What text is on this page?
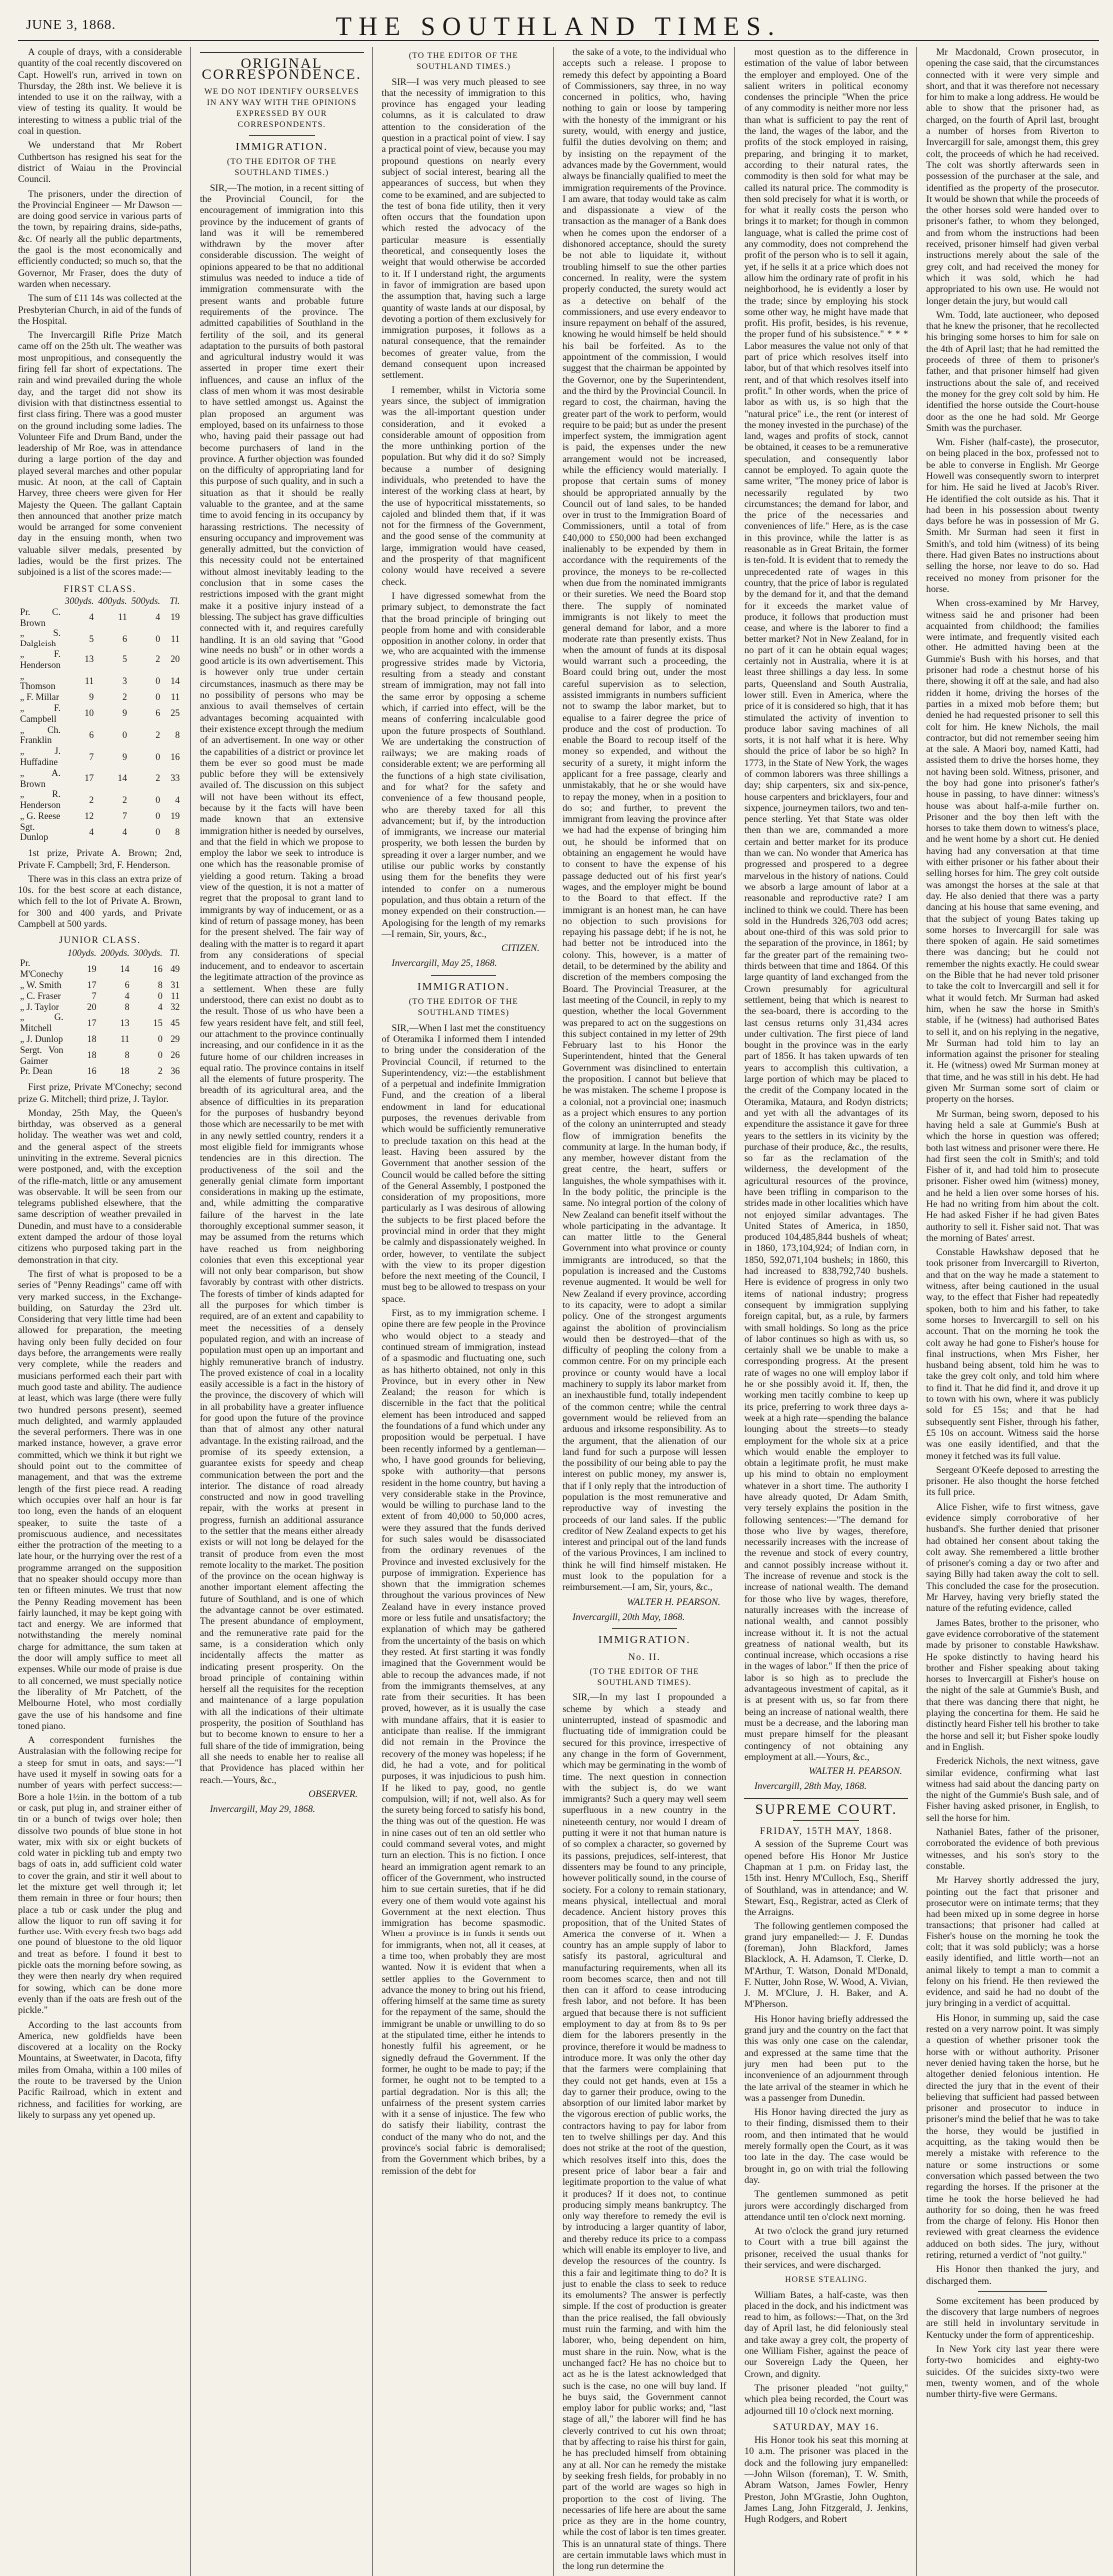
JUNE 3, 1868.	THE SOUTHLAND TIMES.

A couple of drays, with a considerable quantity of the coal recently discovered on Capt. Howell's run, arrived in town on Thursday, the 28th inst. We believe it is intended to use it on the railway, with a view of testing its quality. It would be interesting to witness a public trial of the coal in question.

We understand that Mr Robert Cuthbertson has resigned his seat for the district of Waiau in the Provincial Council.

The prisoners, under the direction of the Provincial Engineer — Mr Dawson — are doing good service in various parts of the town, by repairing drains, side-paths, &c. Of nearly all the public departments, the gaol is the most economically and efficiently conducted; so much so, that the Governor, Mr Fraser, does the duty of warden when necessary.

The sum of £11 14s was collected at the Presbyterian Church, in aid of the funds of the Hospital.

The Invercargill Rifle Prize Match came off on the 25th ult. The weather was most unpropitious, and consequently the firing fell far short of expectations. The rain and wind prevailed during the whole day, and the target did not show its division with that distinctness essential to first class firing. There was a good muster on the ground including some ladies. The Volunteer Fife and Drum Band, under the leadership of Mr Roe, was in attendance during a large portion of the day and played several marches and other popular music. At noon, at the call of Captain Harvey, three cheers were given for Her Majesty the Queen. The gallant Captain then announced that another prize match would be arranged for some convenient day in the ensuing month, when two valuable silver medals, presented by ladies, would be the first prizes. The subjoined is a list of the scores made:—

FIRST CLASS.
	300yds.	400yds.	500yds.	Tl.
Pr. C. Brown	4	11	4	19
„ S. Dalgleish	5	6	0	11
„ F. Henderson	13	5	2	20
„ Thomson	11	3	0	14
„ F. Millar	9	2	0	11
„ F. Campbell	10	9	6	25
„ Ch. Franklin	6	0	2	8
„ J. Huffadine	7	9	0	16
„ A. Brown	17	14	2	33
„ R. Henderson	2	2	0	4
„ G. Reese	12	7	0	19
Sgt. Dunlop	4	4	0	8

1st prize, Private A. Brown; 2nd, Private F. Campbell; 3rd, F. Henderson.

There was in this class an extra prize of 10s. for the best score at each distance, which fell to the lot of Private A. Brown, for 300 and 400 yards, and Private Campbell at 500 yards.

JUNIOR CLASS.
	100yds.	200yds.	300yds.	Tl.
Pr. M'Conechy	19	14	16	49
„ W. Smith	17	6	8	31
„ C. Fraser	7	4	0	11
„ J. Taylor	20	8	4	32
„ G. Mitchell	17	13	15	45
„ J. Dunlop	18	11	0	29
Sergt. Von Gaimer	18	8	0	26
Pr. Dean	16	18	2	36

First prize, Private M'Conechy; second prize G. Mitchell; third prize, J. Taylor.

Monday, 25th May, the Queen's birthday, was observed as a general holiday. The weather was wet and cold, and the general aspect of the streets uninviting in the extreme. Several picnics were postponed, and, with the exception of the rifle-match, little or any amusement was observable. It will be seen from our telegrams published elsewhere, that the same description of weather prevailed in Dunedin, and must have to a considerable extent damped the ardour of those loyal citizens who purposed taking part in the demonstration in that city.

The first of what is proposed to be a series of "Penny Readings" came off with very marked success, in the Exchange-building, on Saturday the 23rd ult. Considering that very little time had been allowed for preparation, the meeting having only been fully decided on four days before, the arrangements were really very complete, while the readers and musicians performed each their part with much good taste and ability. The audience at least, which was large (there were fully two hundred persons present), seemed much delighted, and warmly applauded the several performers. There was in one marked instance, however, a grave error committed, which we think it but right we should point out to the committee of management, and that was the extreme length of the first piece read. A reading which occupies over half an hour is far too long, even the hands of an eloquent speaker, to suite the taste of a promiscuous audience, and necessitates either the protraction of the meeting to a late hour, or the hurrying over the rest of a programme arranged on the supposition that no speaker should occupy more than ten or fifteen minutes. We trust that now the Penny Reading movement has been fairly launched, it may be kept going with tact and energy. We are informed that notwithstanding the merely nominal charge for admittance, the sum taken at the door will amply suffice to meet all expenses. While our mode of praise is due to all concerned, we must specially notice the liberality of Mr Patchett, of the Melbourne Hotel, who most cordially gave the use of his handsome and fine toned piano.

A correspondent furnishes the Australasian with the following recipe for a steep for smut in oats, and says:—"I have used it myself in sowing oats for a number of years with perfect success:—Bore a hole 1½in. in the bottom of a tub or cask, put plug in, and strainer either of tin or a bunch of twigs over hole; then dissolve two pounds of blue stone in hot water, mix with six or eight buckets of cold water in pickling tub and empty two bags of oats in, add sufficient cold water to cover the grain, and stir it well about to let the mixture get well through it; let them remain in three or four hours; then place a tub or cask under the plug and allow the liquor to run off saving it for further use. With every fresh two bags add one pound of bluestone to the old liquor and treat as before. I found it best to pickle oats the morning before sowing, as they were then nearly dry when required for sowing, which can be done more evenly than if the oats are fresh out of the pickle."

According to the last accounts from America, new goldfields have been discovered at a locality on the Rocky Mountains, at Sweetwater, in Dacota, fifty miles from Omaha, within a 100 miles of the route to be traversed by the Union Pacific Railroad, which in extent and richness, and facilities for working, are likely to surpass any yet opened up.

ORIGINAL CORRESPONDENCE.
WE DO NOT IDENTIFY OURSELVES IN ANY WAY WITH THE OPINIONS EXPRESSED BY OUR CORRESPONDENTS.
IMMIGRATION.
(TO THE EDITOR OF THE SOUTHLAND TIMES.)

SIR,—The motion, in a recent sitting of the Provincial Council, for the encouragement of immigration into this province by the inducement of grants of land was it will be remembered withdrawn by the mover after considerable discussion. The weight of opinions appeared to be that no additional stimulus was needed to induce a tide of immigration commensurate with the present wants and probable future requirements of the province. The admitted capabilities of Southland in the fertility of the soil, and its general adaptation to the pursuits of both pastoral and agricultural industry would it was asserted in proper time exert their influences, and cause an influx of the class of men whom it was most desirable to have settled amongst us. Against the plan proposed an argument was employed, based on its unfairness to those who, having paid their passage out had become purchasers of land in the province. A further objection was founded on the difficulty of appropriating land for this purpose of such quality, and in such a situation as that it should be really valuable to the grantee, and at the same time to avoid fencing in its occupancy by harassing restrictions. The necessity of ensuring occupancy and improvement was generally admitted, but the conviction of this necessity could not be entertained without almost inevitably leading to the conclusion that in some cases the restrictions imposed with the grant might make it a positive injury instead of a blessing. The subject has grave difficulties connected with it, and requires carefully handling. It is an old saying that "Good wine needs no bush" or in other words a good article is its own advertisement. This is however only true under certain circumstances, inasmuch as there may be no possibility of persons who may be anxious to avail themselves of certain advantages becoming acquainted with their existence except through the medium of an advertisement. In one way or other the capabilities of a district or province let them be ever so good must be made public before they will be extensively availed of. The discussion on this subject will not have been without its effect, because by it the facts will have been made known that an extensive immigration hither is needed by ourselves, and that the field in which we propose to employ the labor we seek to introduce is one which has the reasonable promise of yielding a good return. Taking a broad view of the question, it is not a matter of regret that the proposal to grant land to immigrants by way of inducement, or as a kind of return of passage money, has been for the present shelved. The fair way of dealing with the matter is to regard it apart from any considerations of special inducement, and to endeavor to ascertain the legitimate attraction of the province as a settlement. When these are fully understood, there can exist no doubt as to the result. Those of us who have been a few years resident have felt, and still feel, our attachment to the province continually increasing, and our confidence in it as the future home of our children increases in equal ratio. The province contains in itself all the elements of future prosperity. The breadth of its agricultural area, and the absence of difficulties in its preparation for the purposes of husbandry beyond those which are necessarily to be met with in any newly settled country, renders it a most eligible field for immigrants whose tendencies are in this direction. The productiveness of the soil and the generally genial climate form important considerations in making up the estimate, and, while admitting the comparative failure of the harvest in the late thoroughly exceptional summer season, it may be assumed from the returns which have reached us from neighboring colonies that even this exceptional year will not only bear comparison, but show favorably by contrast with other districts. The forests of timber of kinds adapted for all the purposes for which timber is required, are of an extent and capability to meet the necessities of a densely populated region, and with an increase of population must open up an important and highly remunerative branch of industry. The proved existence of coal in a locality easily accessible is a fact in the history of the province, the discovery of which will in all probability have a greater influence for good upon the future of the province than that of almost any other natural advantage. In the existing railroad, and the promise of its speedy extension, a guarantee exists for speedy and cheap communication between the port and the interior. The distance of road already constructed and now in good travelling repair, with the works at present in progress, furnish an additional assurance to the settler that the means either already exists or will not long be delayed for the transit of produce from even the most remote locality to the market. The position of the province on the ocean highway is another important element affecting the future of Southland, and is one of which the advantage cannot be over estimated. The present abundance of employment, and the remunerative rate paid for the same, is a consideration which only incidentally affects the matter as indicating present prosperity. On the broad principle of containing within herself all the requisites for the reception and maintenance of a large population with all the indications of their ultimate prosperity, the position of Southland has but to become known to ensure to her a full share of the tide of immigration, being all she needs to enable her to realise all that Providence has placed within her reach.—Yours, &c.,

OBSERVER.
Invercargill, May 29, 1868.
(TO THE EDITOR OF THE SOUTHLAND TIMES.)

SIR—I was very much pleased to see that the necessity of immigration to this province has engaged your leading columns, as it is calculated to draw attention to the consideration of the question in a practical point of view. I say a practical point of view, because you may propound questions on nearly every subject of social interest, bearing all the appearances of success, but when they come to be examined, and are subjected to the test of bona fide utility, then it very often occurs that the foundation upon which rested the advocacy of the particular measure is essentially theoretical, and consequently loses the weight that would otherwise be accorded to it. If I understand right, the arguments in favor of immigration are based upon the assumption that, having such a large quantity of waste lands at our disposal, by devoting a portion of them exclusively for immigration purposes, it follows as a natural consequence, that the remainder becomes of greater value, from the demand consequent upon increased settlement.

I remember, whilst in Victoria some years since, the subject of immigration was the all-important question under consideration, and it evoked a considerable amount of opposition from the more unthinking portion of the population. But why did it do so? Simply because a number of designing individuals, who pretended to have the interest of the working class at heart, by the use of hypocritical misstatements, so cajoled and blinded them that, if it was not for the firmness of the Government, and the good sense of the community at large, immigration would have ceased, and the prosperity of that magnificent colony would have received a severe check.

I have digressed somewhat from the primary subject, to demonstrate the fact that the broad principle of bringing out people from home and with considerable opposition in another colony, in order that we, who are acquainted with the immense progressive strides made by Victoria, resulting from a steady and constant stream of immigration, may not fall into the same error by opposing a scheme which, if carried into effect, will be the means of conferring incalculable good upon the future prospects of Southland. We are undertaking the construction of railways; we are making roads of considerable extent; we are performing all the functions of a high state civilisation, and for what? for the safety and convenience of a few thousand people, who are thereby taxed for all this advancement; but if, by the introduction of immigrants, we increase our material prosperity, we both lessen the burden by spreading it over a larger number, and we utilise our public works by constantly using them for the benefits they were intended to confer on a numerous population, and thus obtain a return of the money expended on their construction.—Apologising for the length of my remarks—I remain, Sir, yours, &c.,

CITIZEN.
Invercargill, May 25, 1868.
IMMIGRATION.
(TO THE EDITOR OF THE SOUTHLAND TIMES)

SIR,—When I last met the constituency of Oteramika I informed them I intended to bring under the consideration of the Provincial Council, if returned to the Superintendency, viz:—the establishment of a perpetual and indefinite Immigration Fund, and the creation of a liberal endowment in land for educational purposes, the revenues derivable from which would be sufficiently remunerative to preclude taxation on this head at the least. Having been assured by the Government that another session of the Council would be called before the sitting of the General Assembly, I postponed the consideration of my propositions, more particularly as I was desirous of allowing the subjects to be first placed before the provincial mind in order that they might be calmly and dispassionately weighed. In order, however, to ventilate the subject with the view to its proper digestion before the next meeting of the Council, I must beg to be allowed to trespass on your space.

First, as to my immigration scheme. I opine there are few people in the Province who would object to a steady and continued stream of immigration, instead of a spasmodic and fluctuating one, such as has hitherto obtained, not only in this Province, but in every other in New Zealand; the reason for which is discernible in the fact that the political element has been introduced and sapped the foundations of a fund which under any proposition would be perpetual. I have been recently informed by a gentleman—who, I have good grounds for believing, spoke with authority—that persons resident in the home country, but having a very considerable stake in the Province, would be willing to purchase land to the extent of from 40,000 to 50,000 acres, were they assured that the funds derived for such sales would be disassociated from the ordinary revenues of the Province and invested exclusively for the purpose of immigration. Experience has shown that the immigration schemes throughout the various provinces of New Zealand have in every instance proved more or less futile and unsatisfactory; the explanation of which may be gathered from the uncertainty of the basis on which they rested. At first starting it was fondly imagined that the Government would be able to recoup the advances made, if not from the immigrants themselves, at any rate from their securities. It has been proved, however, as it is usually the case with mundane affairs, that it is easier to anticipate than realise. If the immigrant did not remain in the Province the recovery of the money was hopeless; if he did, he had a vote, and for political purposes, it was injudicious to push him. If he liked to pay, good, no gentle compulsion, will; if not, well also. As for the surety being forced to satisfy his bond, the thing was out of the question. He was in nine cases out of ten an old settler who could command several votes, and might turn an election. This is no fiction. I once heard an immigration agent remark to an officer of the Government, who instructed him to sue certain sureties, that if he did every one of them would vote against his Government at the next election. Thus immigration has become spasmodic. When a province is in funds it sends out for immigrants, when not, all it ceases, at a time too, when probably they are most wanted. Now it is evident that when a settler applies to the Government to advance the money to bring out his friend, offering himself at the same time as surety for the repayment of the same, should the immigrant be unable or unwilling to do so at the stipulated time, either he intends to honestly fulfil his agreement, or he signedly defraud the Government. If the former, he ought to be made to pay; if the former, he ought not to be tempted to a partial degradation. Nor is this all; the unfairness of the present system carries with it a sense of injustice. The few who do satisfy their liability, contrast the conduct of the many who do not, and the province's social fabric is demoralised; from the Government which bribes, by a remission of the debt for

the sake of a vote, to the individual who accepts such a release. I propose to remedy this defect by appointing a Board of Commissioners, say three, in no way concerned in politics, who, having nothing to gain or loose by tampering with the honesty of the immigrant or his surety, would, with energy and justice, fulfil the duties devolving on them; and by insisting on the repayment of the advances made by the Government, would always be financially qualified to meet the immigration requirements of the Province. I am aware, that today would take as calm and dispassionate a view of the transaction as the manager of a Bank does when he comes upon the endorser of a dishonored acceptance, should the surety be not able to liquidate it, without troubling himself to sue the other parties concerned. In reality, were the system properly conducted, the surety would act as a detective on behalf of the commissioners, and use every endeavor to insure repayment on behalf of the assured, knowing he would himself be held should his bail be forfeited. As to the appointment of the commission, I would suggest that the chairman be appointed by the Governor, one by the Superintendent, and the third by the Provincial Council. In regard to cost, the chairman, having the greater part of the work to perform, would require to be paid; but as under the present imperfect system, the immigration agent is paid, the expenses under the new arrangement would not be increased, while the efficiency would materially. I propose that certain sums of money should be appropriated annually by the Council out of land sales, to be handed over in trust to the Immigration Board of Commissioners, until a total of from £40,000 to £50,000 had been exchanged inalienably to be expended by them in accordance with the requirements of the province, the moneys to be re-collected when due from the nominated immigrants or their sureties. We need the Board stop there. The supply of nominated immigrants is not likely to meet the general demand for labor, and a more moderate rate than presently exists. Thus when the amount of funds at its disposal would warrant such a proceeding, the Board could bring out, under the most careful supervision as to selection, assisted immigrants in numbers sufficient not to swamp the labor market, but to equalise to a fairer degree the price of produce and the cost of production. To enable the Board to recoup itself of the money so expended, and without the security of a surety, it might inform the applicant for a free passage, clearly and unmistakably, that he or she would have to repay the money, when in a position to do so; and further, to prevent the immigrant from leaving the province after we had had the expense of bringing him out, he should be informed that on obtaining an engagement he would have to consent to have the expense of his passage deducted out of his first year's wages, and the employer might be bound to the Board to that effect. If the immigrant is an honest man, he can have no objection to such provisions for repaying his passage debt; if he is not, he had better not be introduced into the colony. This, however, is a matter of detail, to be determined by the ability and discretion of the members composing the Board. The Provincial Treasurer, at the last meeting of the Council, in reply to my question, whether the local Government was prepared to act on the suggestions on this subject contained in my letter of 29th February last to his Honor the Superintendent, hinted that the General Government was disinclined to entertain the proposition. I cannot but believe that he was mistaken. The scheme I propose is a colonial, not a provincial one; inasmuch as a project which ensures to any portion of the colony an uninterrupted and steady flow of immigration benefits the community at large. In the human body, if any member, however distant from the great centre, the heart, suffers or languishes, the whole sympathises with it. In the body politic, the principle is the same. No integral portion of the colony of New Zealand can benefit itself without the whole participating in the advantage. It can matter little to the General Government into what province or county immigrants are introduced, so that the population is increased and the Customs revenue augmented. It would be well for New Zealand if every province, according to its capacity, were to adopt a similar policy. One of the strongest arguments against the abolition of provincialism would then be destroyed—that of the difficulty of peopling the colony from a common centre. For on my principle each province or county would have a local machinery to supply its labor market from an inexhaustible fund, totally independent of the common centre; while the central government would be relieved from an arduous and irksome responsibility. As to the argument, that the alienation of our land fund for such a purpose will lessen the possibility of our being able to pay the interest on public money, my answer is, that if I only reply that the introduction of population is the most remunerative and reproductive way of investing the proceeds of our land sales. If the public creditor of New Zealand expects to get his interest and principal out of the land funds of the various Provinces, I am inclined to think he will find himself mistaken. He must look to the population for a reimbursement.—I am, Sir, yours, &c.,

WALTER H. PEARSON.
Invercargill, 20th May, 1868.
IMMIGRATION.
No. II.
(TO THE EDITOR OF THE SOUTHLAND TIMES).

SIR,—In my last I propounded a scheme by which a steady and uninterrupted, instead of spasmodic and fluctuating tide of immigration could be secured for this province, irrespective of any change in the form of Government, which may be germinating in the womb of time. The next question in connection with the subject is, do we want immigrants? Such a query may well seem superfluous in a new country in the nineteenth century, nor would I dream of putting it were it not that human nature is of so complex a character, so governed by its passions, prejudices, self-interest, that dissenters may be found to any principle, however politically sound, in the course of society. For a colony to remain stationary, means physical, intellectual and moral decadence. Ancient history proves this proposition, that of the United States of America the converse of it. When a country has an ample supply of labor to satisfy its pastoral, agricultural and manufacturing requirements, when all its room becomes scarce, then and not till then can it afford to cease introducing fresh labor, and not before. It has been argued that because there is not sufficient employment to day at from 8s to 9s per diem for the laborers presently in the province, therefore it would be madness to introduce more. It was only the other day that the farmers were complaining that they could not get hands, even at 15s a day to garner their produce, owing to the absorption of our limited labor market by the vigorous erection of public works, the contractors having to pay for labor from ten to twelve shillings per day. And this does not strike at the root of the question, which resolves itself into this, does the present price of labor bear a fair and legitimate proportion to the value of what it produces? If it does not, to continue producing simply means bankruptcy. The only way therefore to remedy the evil is by introducing a larger quantity of labor, and thereby reduce its price to a compass which will enable its employer to live, and develop the resources of the country. Is this a fair and legitimate thing to do? It is just to enable the class to seek to reduce its emoluments? The answer is perfectly simple. If the cost of production is greater than the price realised, the fall obviously must ruin the farming, and with him the laborer, who, being dependent on him, must share in the ruin. Now, what is the unchanged fact? He has no choice but to act as he is the latest acknowledged that such is the case, no one will buy land. If he buys said, the Government cannot employ labor for public works; and, "last stage of all," the laborer will find he has cleverly contrived to cut his own throat; that by affecting to raise his thirst for gain, he has precluded himself from obtaining any at all. Nor can he remedy the mistake by seeking fresh fields, for probably in no part of the world are wages so high in proportion to the cost of living. The necessaries of life here are about the same price as they are in the home country, while the cost of labor is ten times greater. This is an unnatural state of things. There are certain immutable laws which must in the long run determine the

most question as to the difference in estimation of the value of labor between the employer and employed. One of the salient writers in political economy condenses the principle "When the price of any commodity is neither more nor less than what is sufficient to pay the rent of the land, the wages of the labor, and the profits of the stock employed in raising, preparing, and bringing it to market, according to their natural rates, the commodity is then sold for what may be called its natural price. The commodity is then sold precisely for what it is worth, or for what it really costs the person who brings it to market; for though in common language, what is called the prime cost of any commodity, does not comprehend the profit of the person who is to sell it again, yet, if he sells it at a price which does not allow him the ordinary rate of profit in his neighborhood, he is evidently a loser by the trade; since by employing his stock some other way, he might have made that profit. His profit, besides, is his revenue, the proper fund of his subsistence." * * * Labor measures the value not only of that part of price which resolves itself into labor, but of that which resolves itself into rent, and of that which resolves itself into profit." In other words, when the price of labor as with us, is so high that the "natural price" i.e., the rent (or interest of the money invested in the purchase) of the land, wages and profits of stock, cannot be obtained, it ceases to be a remunerative speculation, and consequently labor cannot be employed. To again quote the same writer, "The money price of labor is necessarily regulated by two circumstances; the demand for labor, and the price of the necessaries and conveniences of life." Here, as is the case in this province, while the latter is as reasonable as in Great Britain, the former is ten-fold. It is evident that to remedy the unprecedented rate of wages in this country, that the price of labor is regulated by the demand for it, and that the demand for it exceeds the market value of produce, it follows that production must cease, and where is the laborer to find a better market? Not in New Zealand, for in no part of it can he obtain equal wages; certainly not in Australia, where it is at least three shillings a day less. In some parts, Queensland and South Australia, lower still. Even in America, where the price of it is considered so high, that it has stimulated the activity of invention to produce labor saving machines of all sorts, it is not half what it is here. Why should the price of labor be so high? In 1773, in the State of New York, the wages of common laborers was three shillings a day; ship carpenters, six and six-pence, house carpenters and bricklayers, four and sixpence, journeymen tailors, two and ten-pence sterling. Yet that State was older then than we are, commanded a more certain and better market for its produce than we can. No wonder that America has progressed and prospered to a degree marvelous in the history of nations. Could we absorb a large amount of labor at a reasonable and reproductive rate? I am inclined to think we could. There has been sold in the Hundreds 326,703 odd acres; about one-third of this was sold prior to the separation of the province, in 1861; by far the greater part of the remaining two-thirds between that time and 1864. Of this large quantity of land exchanged from the Crown presumably for agricultural settlement, being that which is nearest to the sea-board, there is according to the last census returns only 31,434 acres under cultivation. The first piece of land bought in the province was in the early part of 1856. It has taken upwards of ten years to accomplish this cultivation, a large portion of which may be placed to the credit of the Company located in the Oteramika, Mataura, and Rodyn districts; and yet with all the advantages of its expenditure the assistance it gave for three years to the settlers in its vicinity by the purchase of their produce, &c., the results, so far as the reclamation of the wilderness, the development of the agricultural resources of the province, have been trifling in comparison to the strides made in other localities which have not enjoyed similar advantages. The United States of America, in 1850, produced 104,485,844 bushels of wheat; in 1860, 173,104,924; of Indian corn, in 1850, 592,071,104 bushels; in 1860, this had increased to 838,792,740 bushels. Here is evidence of progress in only two items of national industry; progress consequent by immigration supplying foreign capital, but, as a rule, by farmers with small holdings. So long as the price of labor continues so high as with us, so certainly shall we be unable to make a corresponding progress. At the present rate of wages no one will employ labor if he or she possibly avoid it. If, then, the working men tacitly combine to keep up its price, preferring to work three days a-week at a high rate—spending the balance lounging about the streets—to steady employment for the whole six at a price which would enable the employer to obtain a legitimate profit, he must make up his mind to obtain no employment whatever in a short time. The authority I have already quoted, Dr Adam Smith, very tersely explains the position in the following sentences:—"The demand for those who live by wages, therefore, necessarily increases with the increase of the revenue and stock of every country, and cannot possibly increase without it. The increase of revenue and stock is the increase of national wealth. The demand for those who live by wages, therefore, naturally increases with the increase of national wealth, and cannot possibly increase without it. It is not the actual greatness of national wealth, but its continual increase, which occasions a rise in the wages of labor." If then the price of labor is so high as to preclude the advantageous investment of capital, as it is at present with us, so far from there being an increase of national wealth, there must be a decrease, and the laboring man must prepare himself for the pleasant contingency of not obtaining any employment at all.—Yours, &c.,

WALTER H. PEARSON.
Invercargill, 28th May, 1868.
SUPREME COURT.
FRIDAY, 15TH MAY, 1868.

A session of the Supreme Court was opened before His Honor Mr Justice Chapman at 1 p.m. on Friday last, the 15th inst. Henry M'Culloch, Esq., Sheriff of Southland, was in attendance; and W. Stewart, Esq., Registrar, acted as Clerk of the Arraigns.

The following gentlemen composed the grand jury empanelled:— J. F. Dundas (foreman), John Blackford, James Blacklock, A. H. Adamson, T. Clerke, D. M'Arthur, T. Watson, Donald M'Donald, F. Nutter, John Rose, W. Wood, A. Vivian, J. M. M'Clure, J. H. Baker, and A. M'Pherson.

His Honor having briefly addressed the grand jury and the country on the fact that this was only one case on the calendar, and expressed at the same time that the jury men had been put to the inconvenience of an adjournment through the late arrival of the steamer in which he was a passenger from Dunedin.

His Honor having directed the jury as to their finding, dismissed them to their room, and then intimated that he would merely formally open the Court, as it was too late in the day. The case would be brought in, go on with trial the following day.

The gentlemen summoned as petit jurors were accordingly discharged from attendance until ten o'clock next morning.

At two o'clock the grand jury returned to Court with a true bill against the prisoner, received the usual thanks for their services, and were discharged.

HORSE STEALING.

William Bates, a half-caste, was then placed in the dock, and his indictment was read to him, as follows:—That, on the 3rd day of April last, he did feloniously steal and take away a grey colt, the property of one William Fisher, against the peace of our Sovereign Lady the Queen, her Crown, and dignity.

The prisoner pleaded "not guilty," which plea being recorded, the Court was adjourned till 10 o'clock next morning.

SATURDAY, MAY 16.

His Honor took his seat this morning at 10 a.m. The prisoner was placed in the dock and the following jury empanelled:—John Wilson (foreman), T. W. Smith, Abram Watson, James Fowler, Henry Preston, John M'Grastie, John Oughton, James Lang, John Fitzgerald, J. Jenkins, Hugh Rodgers, and Robert

Mr Macdonald, Crown prosecutor, in opening the case said, that the circumstances connected with it were very simple and short, and that it was therefore not necessary for him to make a long address. He would be able to show that the prisoner had, as charged, on the fourth of April last, brought a number of horses from Riverton to Invercargill for sale, amongst them, this grey colt, the proceeds of which he had received. The colt was shortly afterwards seen in possession of the purchaser at the sale, and identified as the property of the prosecutor. It would be shown that while the proceeds of the other horses sold were handed over to prisoner's father, to whom they belonged, and from whom the instructions had been received, prisoner himself had given verbal instructions merely about the sale of the grey colt, and had received the money for which it was sold, which he had appropriated to his own use. He would not longer detain the jury, but would call

Wm. Todd, late auctioneer, who deposed that he knew the prisoner, that he recollected his bringing some horses to him for sale on the 4th of April last; that he had remitted the proceeds of three of them to prisoner's father, and that prisoner himself had given instructions about the sale of, and received the money for the grey colt sold by him. He identified the horse outside the Court-house door as the one he had sold. Mr George Smith was the purchaser.

Wm. Fisher (half-caste), the prosecutor, on being placed in the box, professed not to be able to converse in English. Mr George Howell was consequently sworn to interpret for him. He said he lived at Jacob's River. He identified the colt outside as his. That it had been in his possession about twenty days before he was in possession of Mr G. Smith. Mr Surman had seen it first in Smith's, and told him (witness) of its being there. Had given Bates no instructions about selling the horse, nor leave to do so. Had received no money from prisoner for the horse.

When cross-examined by Mr Harvey, witness said he and prisoner had been acquainted from childhood; the families were intimate, and frequently visited each other. He admitted having been at the Gummie's Bush with his horses, and that prisoner had rode a chestnut horse of his there, showing it off at the sale, and had also ridden it home, driving the horses of the parties in a mixed mob before them; but denied he had requested prisoner to sell this colt for him. He knew Nichols, the mail contractor, but did not remember seeing him at the sale. A Maori boy, named Katti, had assisted them to drive the horses home, they not having been sold. Witness, prisoner, and the boy had gone into prisoner's father's house in passing, to have dinner: witness's house was about half-a-mile further on. Prisoner and the boy then left with the horses to take them down to witness's place, and he went home by a short cut. He denied having had any conversation at that time with either prisoner or his father about their selling horses for him. The grey colt outside was amongst the horses at the sale at that day. He also denied that there was a party dancing at his house that same evening, and that the subject of young Bates taking up some horses to Invercargill for sale was there spoken of again. He said sometimes there was dancing; but he could not remember the nights exactly. He could swear on the Bible that he had never told prisoner to take the colt to Invercargill and sell it for what it would fetch. Mr Surman had asked him, when he saw the horse in Smith's stable, if he (witness) had authorised Bates to sell it, and on his replying in the negative, Mr Surman had told him to lay an information against the prisoner for stealing it. He (witness) owed Mr Surman money at that time, and he was still in his debt. He had given Mr Surman some sort of claim or property on the horses.

Mr Surman, being sworn, deposed to his having held a sale at Gummie's Bush at which the horse in question was offered; both last witness and prisoner were there. He had first seen the colt in Smith's; and told Fisher of it, and had told him to prosecute prisoner. Fisher owed him (witness) money, and he held a lien over some horses of his. He had no writing from him about the colt. He had asked Fisher if he had given Bates authority to sell it. Fisher said not. That was the morning of Bates' arrest.

Constable Hawkshaw deposed that he took prisoner from Invercargill to Riverton, and that on the way he made a statement to witness, after being cautioned in the usual way, to the effect that Fisher had repeatedly spoken, both to him and his father, to take some horses to Invercargill to sell on his account. That on the morning he took the colt away he had gone to Fisher's house for final instructions, when Mrs Fisher, her husband being absent, told him he was to take the grey colt only, and told him where to find it. That he did find it, and drove it up to town with his own, where it was publicly sold for £5 15s; and that he had subsequently sent Fisher, through his father, £5 10s on account. Witness said the horse was one easily identified, and that the money it fetched was its full value.

Sergeant O'Keefe deposed to arresting the prisoner. He also thought the horse fetched its full price.

Alice Fisher, wife to first witness, gave evidence simply corroborative of her husband's. She further denied that prisoner had obtained her consent about taking the colt away. She remembered a little brother of prisoner's coming a day or two after and saying Billy had taken away the colt to sell. This concluded the case for the prosecution. Mr Harvey, having very briefly stated the nature of the refuting evidence, called

James Bates, brother to the prisoner, who gave evidence corroborative of the statement made by prisoner to constable Hawkshaw. He spoke distinctly to having heard his brother and Fisher speaking about taking horses to Invercargill at Fisher's house on the night of the sale at Gummie's Bush, and that there was dancing there that night, he playing the concertina for them. He said he distinctly heard Fisher tell his brother to take the horse and sell it; but Fisher spoke loudly and in English.

Frederick Nichols, the next witness, gave similar evidence, confirming what last witness had said about the dancing party on the night of the Gummie's Bush sale, and of Fisher having asked prisoner, in English, to sell the horse for him.

Nathaniel Bates, father of the prisoner, corroborated the evidence of both previous witnesses, and his son's story to the constable.

Mr Harvey shortly addressed the jury, pointing out the fact that prisoner and prosecutor were on intimate terms; that they had been mixed up in some degree in horse transactions; that prisoner had called at Fisher's house on the morning he took the colt; that it was sold publicly; was a horse easily identified, and little worth—not an animal likely to tempt a man to commit a felony on his friend. He then reviewed the evidence, and said he had no doubt of the jury bringing in a verdict of acquittal.

His Honor, in summing up, said the case rested on a very narrow point. It was simply a question of whether prisoner took the horse with or without authority. Prisoner never denied having taken the horse, but he altogether denied felonious intention. He directed the jury that in the event of their believing that sufficient had passed between prisoner and prosecutor to induce in prisoner's mind the belief that he was to take the horse, they would be justified in acquitting, as the taking would then be merely a mistake with reference to the nature or some instructions or some conversation which passed between the two regarding the horses. If the prisoner at the time he took the horse believed he had authority for so doing, then he was freed from the charge of felony. His Honor then reviewed with great clearness the evidence adduced on both sides. The jury, without retiring, returned a verdict of "not guilty."

His Honor then thanked the jury, and discharged them.

Some excitement has been produced by the discovery that large numbers of negroes are still held in involuntary servitude in Kentucky under the form of apprenticeship.

In New York city last year there were forty-two homicides and eighty-two suicides. Of the suicides sixty-two were men, twenty women, and of the whole number thirty-five were Germans.
